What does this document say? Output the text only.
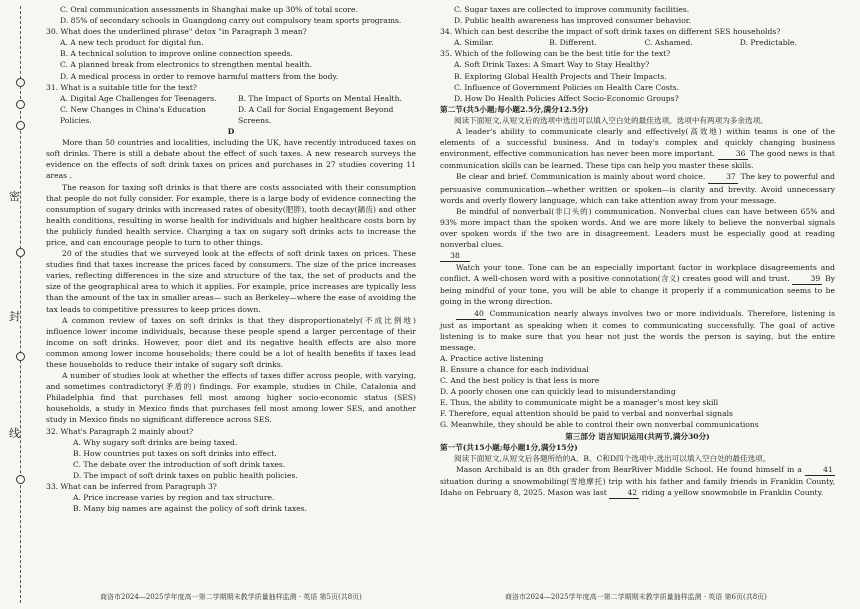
密
封
线
C. Oral communication assessments in Shanghai make up 30% of total score.
D. 85% of secondary schools in Guangdong carry out compulsory team sports programs.
30. What does the underlined phrase" detox "in Paragraph 3 mean?
A. A new tech product for digital fun.
B. A technical solution to improve online connection speeds.
C. A planned break from electronics to strengthen mental health.
D. A medical process in order to remove harmful matters from the body.
31. What is a suitable title for the text?
A. Digital Age Challenges for Teenagers.	B. The Impact of Sports on Mental Health.
C. New Changes in China's Education Policies.
D. A Call for Social Engagement Beyond Screens.
D
More than 50 countries and localities, including the UK, have recently introduced taxes on soft drinks. There is still a debate about the effect of such taxes. A new research surveys the evidence on the effects of soft drink taxes on prices and purchases in 27 studies covering 11 areas .
The reason for taxing soft drinks is that there are costs associated with their consumption that people do not fully consider. For example, there is a large body of evidence connecting the consumption of sugary drinks with increased rates of obesity(肥胖), tooth decay(龋齿) and other health conditions, resulting in worse health for individuals and higher healthcare costs born by the publicly funded health service. Charging a tax on sugary soft drinks acts to increase the price, and can encourage people to turn to other things.
20 of the studies that we surveyed look at the effects of soft drink taxes on prices. These studies find that taxes increase the prices faced by consumers. The size of the price increases varies, reflecting differences in the size and structure of the tax, the set of products and the size of the geographical area to which it applies. For example, price increases are typically less than the amount of the tax in smaller areas— such as Berkeley—where the ease of avoiding the tax leads to competitive pressures to keep prices down.
A common review of taxes on soft drinks is that they disproportionately(不成比例地) influence lower income individuals, because these people spend a larger percentage of their income on soft drinks. However, poor diet and its negative health effects are also more common among lower income households; there could be a lot of health benefits if taxes lead these households to reduce their intake of sugary soft drinks.
A number of studies look at whether the effects of taxes differ across people, with varying, and sometimes contradictory(矛盾的) findings. For example, studies in Chile, Catalonia and Philadelphia find that purchases fell most among higher socio-economic status (SES) households, a study in Mexico finds that purchases fell most among lower SES, and another study in Mexico finds no significant difference across SES.
32. What's Paragraph 2 mainly about?
A. Why sugary soft drinks are being taxed.
B. How countries put taxes on soft drinks into effect.
C. The debate over the introduction of soft drink taxes.
D. The impact of soft drink taxes on public health policies.
33. What can be inferred from Paragraph 3?
A. Price increase varies by region and tax structure.
B. Many big names are against the policy of soft drink taxes.
商洛市2024—2025学年度高一第二学期期末教学质量抽样监测 · 英语 第5页(共8页)
C. Sugar taxes are collected to improve community facilities.
D. Public health awareness has improved consumer behavior.
34. Which can best describe the impact of soft drink taxes on different SES households?
A. Similar.	B. Different.	C. Ashamed.	D. Predictable.
35. Which of the following can be the best title for the text?
A. Soft Drink Taxes: A Smart Way to Stay Healthy?
B. Exploring Global Health Projects and Their Impacts.
C. Influence of Government Policies on Health Care Costs.
D. How Do Health Policies Affect Socio-Economic Groups?
第二节(共5小题;每小题2.5分,满分12.5分)
阅读下面短文,从短文后的选项中选出可以填入空白处的最佳选项。选项中有两项为多余选项。
A leader's ability to communicate clearly and effectively(高效地) within teams is one of the elements of a successful business. And in today's complex and quickly changing business environment, effective communication has never been more important.	36 The good news is that communication skills can be learned. These tips can help you master these skills.
Be clear and brief. Communication is mainly about word choice.	37 The key to powerful and persuasive communication—whether written or spoken—is clarity and brevity. Avoid unnecessary words and overly flowery language, which can take attention away from your message.
Be mindful of nonverbal(非口头的) communication. Nonverbal clues can have between 65% and 93% more impact than the spoken words. And we are more likely to believe the nonverbal signals over spoken words if the two are in disagreement. Leaders must be especially good at reading nonverbal clues.
38
Watch your tone. Tone can be an especially important factor in workplace disagreements and conflict. A well-chosen word with a positive connotation(含义) creates good will and trust.	39 By being mindful of your tone, you will be able to change it properly if a communication seems to be going in the wrong direction.
40 Communication nearly always involves two or more individuals. Therefore, listening is just as important as speaking when it comes to communicating successfully. The goal of active listening is to make sure that you hear not just the words the person is saying, but the entire message.
A. Practice active listening
B. Ensure a chance for each individual
C. And the best policy is that less is more
D. A poorly chosen one can quickly lead to misunderstanding
E. Thus, the ability to communicate might be a manager's most key skill
F. Therefore, equal attention should be paid to verbal and nonverbal signals
G. Meanwhile, they should be able to control their own nonverbal communications
第三部分 语言知识运用(共两节,满分30分)
第一节(共15小题;每小题1分,满分15分)
阅读下面短文,从短文后各题所给的A、B、C和D四个选项中,选出可以填入空白处的最佳选项。
Mason Archibald is an 8th grader from BearRiver Middle School. He found himself in a	41 situation during a snowmobiling(雪地摩托) trip with his father and family friends in Franklin County, Idaho on February 8, 2025. Mason was last	42 riding a yellow snowmobile in Franklin County.
商洛市2024—2025学年度高一第二学期期末教学质量抽样监测 · 英语 第6页(共8页)
